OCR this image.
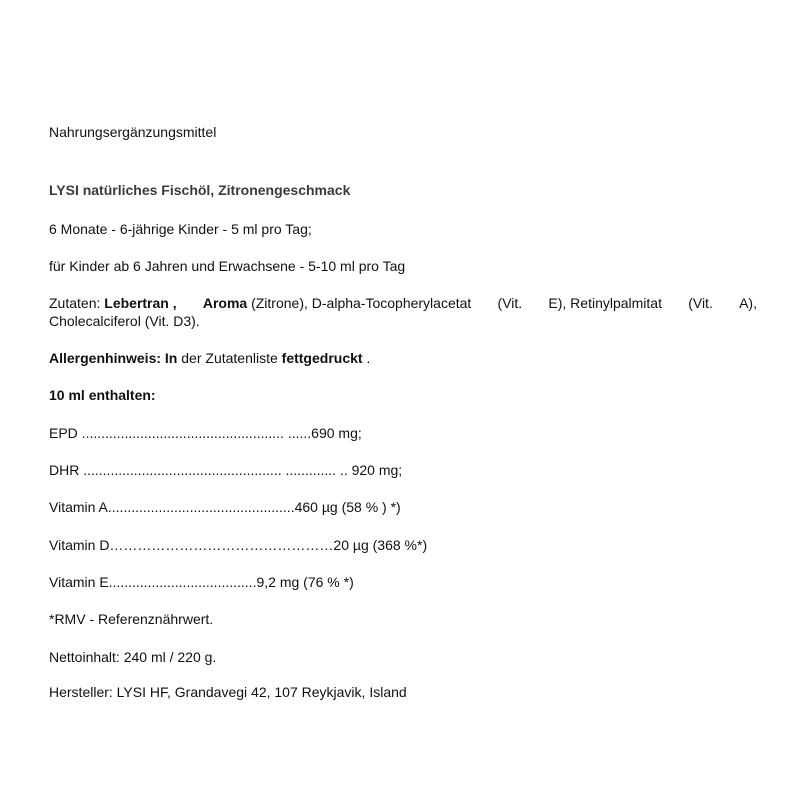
Nahrungsergänzungsmittel
LYSI natürliches Fischöl, Zitronengeschmack
6 Monate - 6-jährige Kinder - 5 ml pro Tag;
für Kinder ab 6 Jahren und Erwachsene - 5-10 ml pro Tag
Zutaten: Lebertran , Aroma (Zitrone), D-alpha-Tocopherylacetat (Vit. E), Retinylpalmitat (Vit. A),
Cholecalciferol (Vit. D3).
Allergenhinweis: In der Zutatenliste fettgedruckt .
10 ml enthalten:
EPD .................................................... ......690 mg;
DHR ................................................... ............. .. 920 mg;
Vitamin A................................................460 µg (58 % ) *)
Vitamin D…………………………………………20 µg (368 %*)
Vitamin E......................................9,2 mg (76 % *)
*RMV - Referenznährwert.
Nettoinhalt: 240 ml / 220 g.
Hersteller: LYSI HF, Grandavegi 42, 107 Reykjavik, Island
